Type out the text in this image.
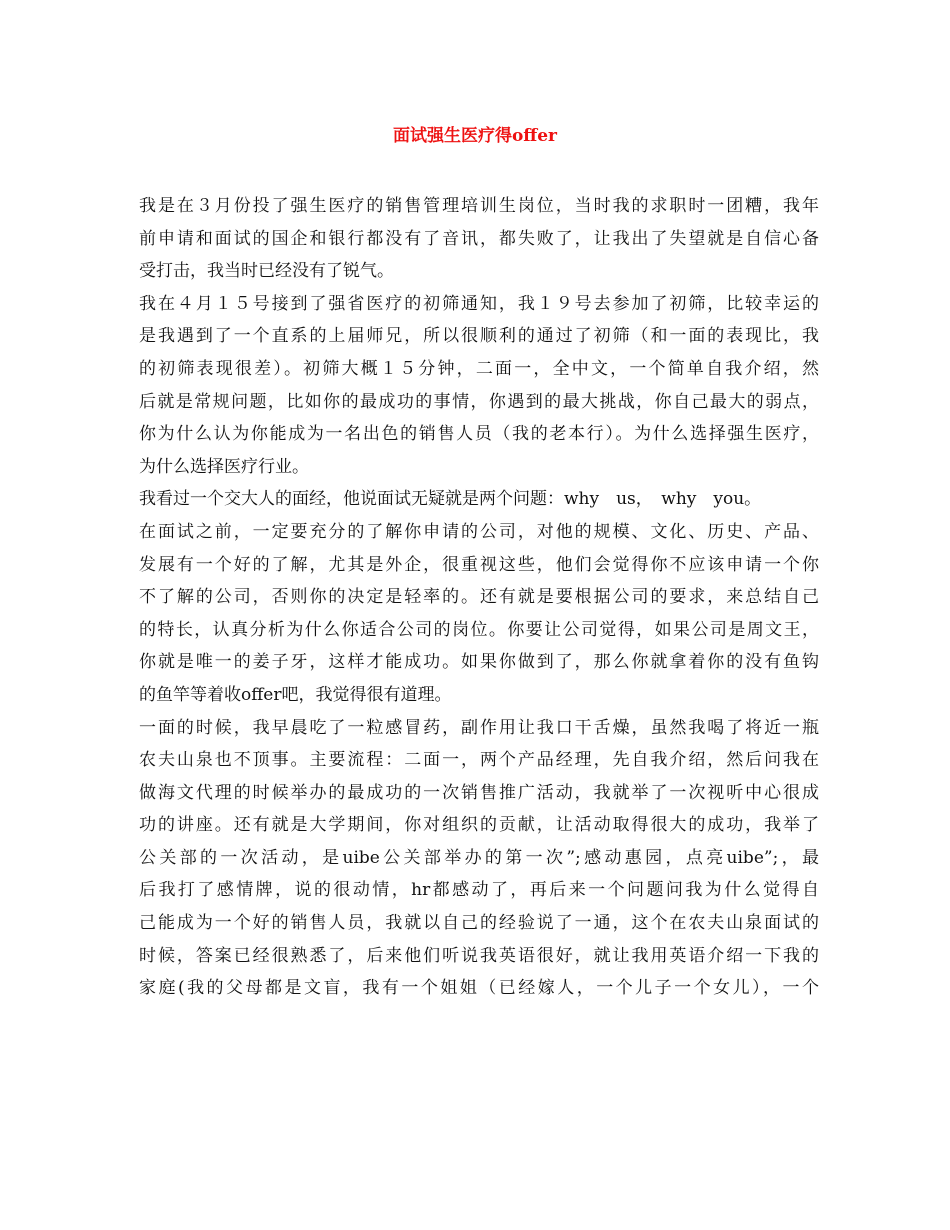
面试强生医疗得offer
我是在３月份投了强生医疗的销售管理培训生岗位，当时我的求职时一团糟，我年
前申请和面试的国企和银行都没有了音讯，都失败了，让我出了失望就是自信心备
受打击，我当时已经没有了锐气。
我在４月１５号接到了强省医疗的初筛通知，我１９号去参加了初筛，比较幸运的
是我遇到了一个直系的上届师兄，所以很顺利的通过了初筛（和一面的表现比，我
的初筛表现很差）。初筛大概１５分钟，二面一，全中文，一个简单自我介绍，然
后就是常规问题，比如你的最成功的事情，你遇到的最大挑战，你自己最大的弱点，
你为什么认为你能成为一名出色的销售人员（我的老本行）。为什么选择强生医疗，
为什么选择医疗行业。
我看过一个交大人的面经，他说面试无疑就是两个问题：why　us，　why　you。
在面试之前，一定要充分的了解你申请的公司，对他的规模、文化、历史、产品、
发展有一个好的了解，尤其是外企，很重视这些，他们会觉得你不应该申请一个你
不了解的公司，否则你的决定是轻率的。还有就是要根据公司的要求，来总结自己
的特长，认真分析为什么你适合公司的岗位。你要让公司觉得，如果公司是周文王，
你就是唯一的姜子牙，这样才能成功。如果你做到了，那么你就拿着你的没有鱼钩
的鱼竿等着收offer吧，我觉得很有道理。
一面的时候，我早晨吃了一粒感冒药，副作用让我口干舌燥，虽然我喝了将近一瓶
农夫山泉也不顶事。主要流程：二面一，两个产品经理，先自我介绍，然后问我在
做海文代理的时候举办的最成功的一次销售推广活动，我就举了一次视听中心很成
功的讲座。还有就是大学期间，你对组织的贡献，让活动取得很大的成功，我举了
公关部的一次活动，是uibe公关部举办的第一次”;感动惠园，点亮uibe”;，最
后我打了感情牌，说的很动情，hr都感动了，再后来一个问题问我为什么觉得自
己能成为一个好的销售人员，我就以自己的经验说了一通，这个在农夫山泉面试的
时候，答案已经很熟悉了，后来他们听说我英语很好，就让我用英语介绍一下我的
家庭(我的父母都是文盲，我有一个姐姐（已经嫁人，一个儿子一个女儿），一个
